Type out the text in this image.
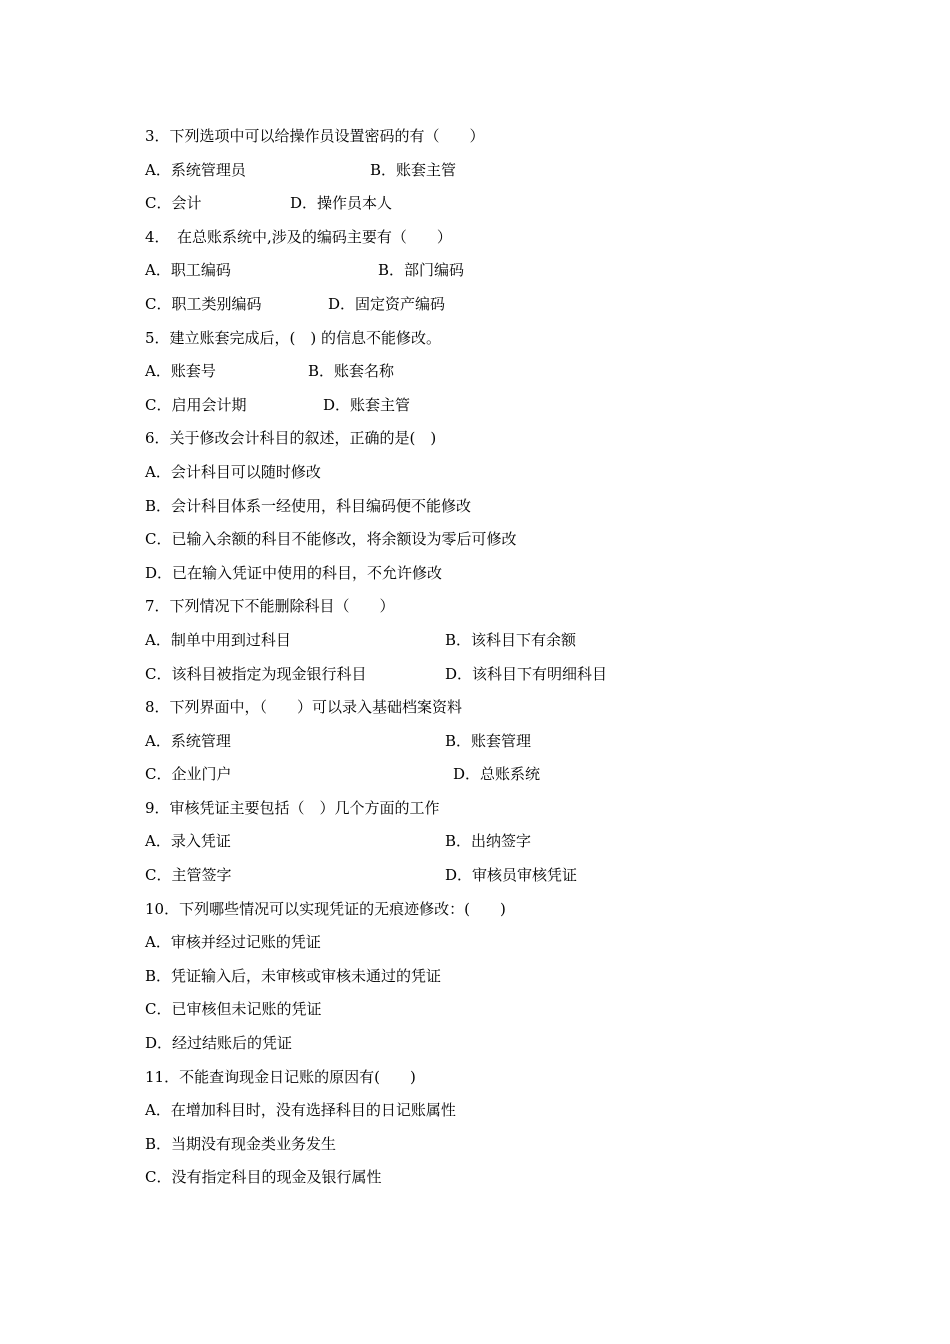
3．下列选项中可以给操作员设置密码的有（　　）
A．系统管理员	B．账套主管
C．会计	D．操作员本人
4．　在总账系统中,涉及的编码主要有（　　）
A．职工编码	B．部门编码
C．职工类别编码	D．固定资产编码
5．建立账套完成后，(　) 的信息不能修改。
A．账套号	B．账套名称
C．启用会计期	D．账套主管
6．关于修改会计科目的叙述，正确的是(　)
A．会计科目可以随时修改
B．会计科目体系一经使用，科目编码便不能修改
C．已输入余额的科目不能修改，将余额设为零后可修改
D．已在输入凭证中使用的科目，不允许修改
7．下列情况下不能删除科目（　　）
A．制单中用到过科目	B．该科目下有余额
C．该科目被指定为现金银行科目	D．该科目下有明细科目
8．下列界面中，（　　）可以录入基础档案资料
A．系统管理	B．账套管理
C．企业门户	D．总账系统
9．审核凭证主要包括（　）几个方面的工作
A．录入凭证	B．出纳签字
C．主管签字	D．审核员审核凭证
10．下列哪些情况可以实现凭证的无痕迹修改：(　　)
A．审核并经过记账的凭证
B．凭证输入后，未审核或审核未通过的凭证
C．已审核但未记账的凭证
D．经过结账后的凭证
11．不能查询现金日记账的原因有(　　)
A．在增加科目时，没有选择科目的日记账属性
B．当期没有现金类业务发生
C．没有指定科目的现金及银行属性
